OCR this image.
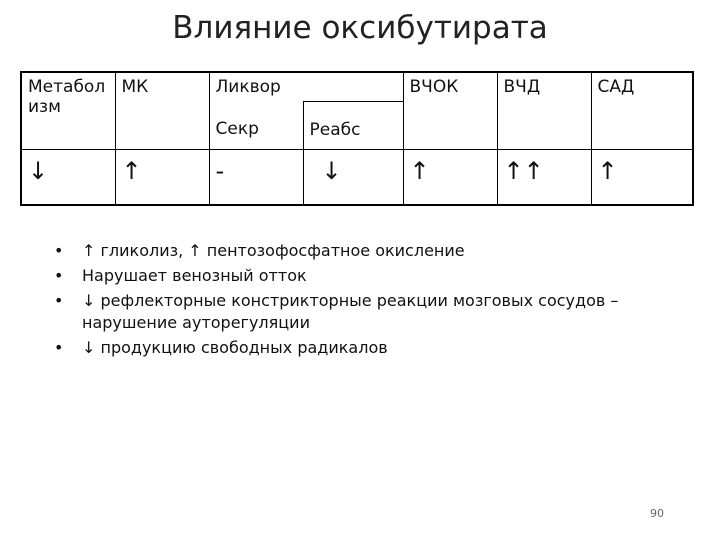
Влияние оксибутирата
Метабол изм	МК	Ликвор		ВЧОК	ВЧД	САД
		Секр	Реабс			
↓	↑	-	↓	↑	↑↑	↑
• ↑ гликолиз, ↑ пентозофосфатное окисление
• Нарушает венозный отток
• ↓ рефлекторные констрикторные реакции мозговых сосудов – нарушение ауторегуляции
• ↓ продукцию свободных радикалов
90
